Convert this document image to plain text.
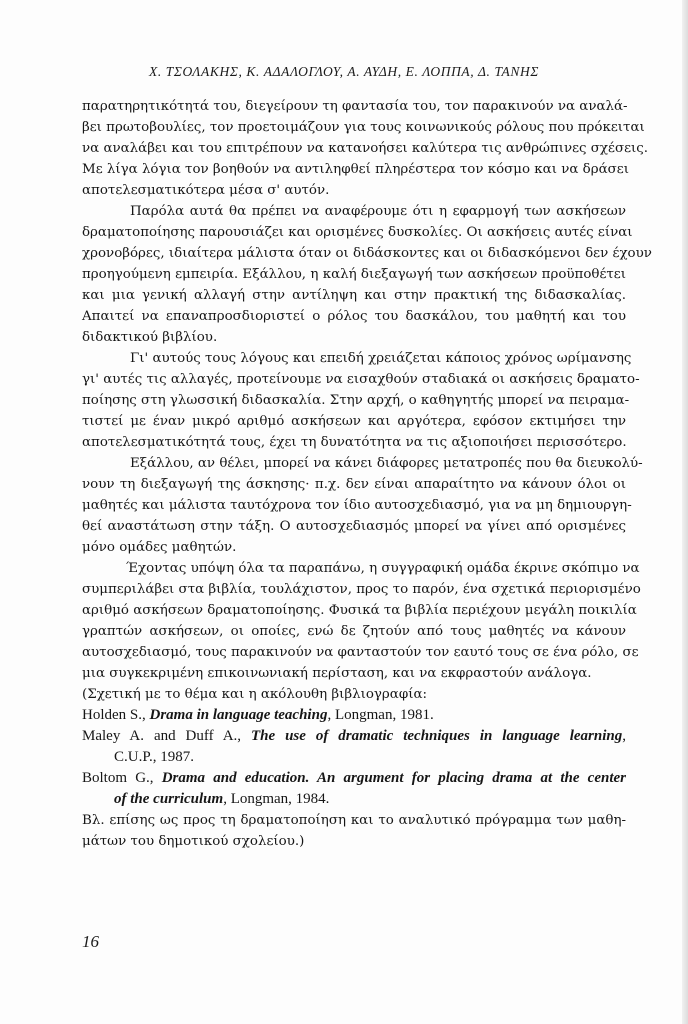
Χ. ΤΣΟΛΑΚΗΣ, Κ. ΑΔΑΛΟΓΛΟΥ, Α. ΑΥΔΗ, Ε. ΛΟΠΠΑ, Δ. ΤΑΝΗΣ
παρατηρητικότητά του, διεγείρουν τη φαντασία του, τον παρακινούν να αναλά-
βει πρωτοβουλίες, τον προετοιμάζουν για τους κοινωνικούς ρόλους που πρόκειται
να αναλάβει και του επιτρέπουν να κατανοήσει καλύτερα τις ανθρώπινες σχέσεις.
Με λίγα λόγια τον βοηθούν να αντιληφθεί πληρέστερα τον κόσμο και να δράσει
αποτελεσματικότερα μέσα σ' αυτόν.
Παρόλα αυτά θα πρέπει να αναφέρουμε ότι η εφαρμογή των ασκήσεων
δραματοποίησης παρουσιάζει και ορισμένες δυσκολίες. Οι ασκήσεις αυτές είναι
χρονοβόρες, ιδιαίτερα μάλιστα όταν οι διδάσκοντες και οι διδασκόμενοι δεν έχουν
προηγούμενη εμπειρία. Εξάλλου, η καλή διεξαγωγή των ασκήσεων προϋποθέτει
και μια γενική αλλαγή στην αντίληψη και στην πρακτική της διδασκαλίας.
Απαιτεί να επαναπροσδιοριστεί ο ρόλος του δασκάλου, του μαθητή και του
διδακτικού βιβλίου.
Γι' αυτούς τους λόγους και επειδή χρειάζεται κάποιος χρόνος ωρίμανσης
γι' αυτές τις αλλαγές, προτείνουμε να εισαχθούν σταδιακά οι ασκήσεις δραματο-
ποίησης στη γλωσσική διδασκαλία. Στην αρχή, ο καθηγητής μπορεί να πειραμα-
τιστεί με έναν μικρό αριθμό ασκήσεων και αργότερα, εφόσον εκτιμήσει την
αποτελεσματικότητά τους, έχει τη δυνατότητα να τις αξιοποιήσει περισσότερο.
Εξάλλου, αν θέλει, μπορεί να κάνει διάφορες μετατροπές που θα διευκολύ-
νουν τη διεξαγωγή της άσκησης· π.χ. δεν είναι απαραίτητο να κάνουν όλοι οι
μαθητές και μάλιστα ταυτόχρονα τον ίδιο αυτοσχεδιασμό, για να μη δημιουργη-
θεί αναστάτωση στην τάξη. Ο αυτοσχεδιασμός μπορεί να γίνει από ορισμένες
μόνο ομάδες μαθητών.
Έχοντας υπόψη όλα τα παραπάνω, η συγγραφική ομάδα έκρινε σκόπιμο να
συμπεριλάβει στα βιβλία, τουλάχιστον, προς το παρόν, ένα σχετικά περιορισμένο
αριθμό ασκήσεων δραματοποίησης. Φυσικά τα βιβλία περιέχουν μεγάλη ποικιλία
γραπτών ασκήσεων, οι οποίες, ενώ δε ζητούν από τους μαθητές να κάνουν
αυτοσχεδιασμό, τους παρακινούν να φανταστούν τον εαυτό τους σε ένα ρόλο, σε
μια συγκεκριμένη επικοινωνιακή περίσταση, και να εκφραστούν ανάλογα.
(Σχετική με το θέμα και η ακόλουθη βιβλιογραφία:
Holden S., Drama in language teaching, Longman, 1981.
Maley A. and Duff A., The use of dramatic techniques in language learning,
C.U.P., 1987.
Boltom G., Drama and education. An argument for placing drama at the center
of the curriculum, Longman, 1984.
Βλ. επίσης ως προς τη δραματοποίηση και το αναλυτικό πρόγραμμα των μαθη-
μάτων του δημοτικού σχολείου.)
16
